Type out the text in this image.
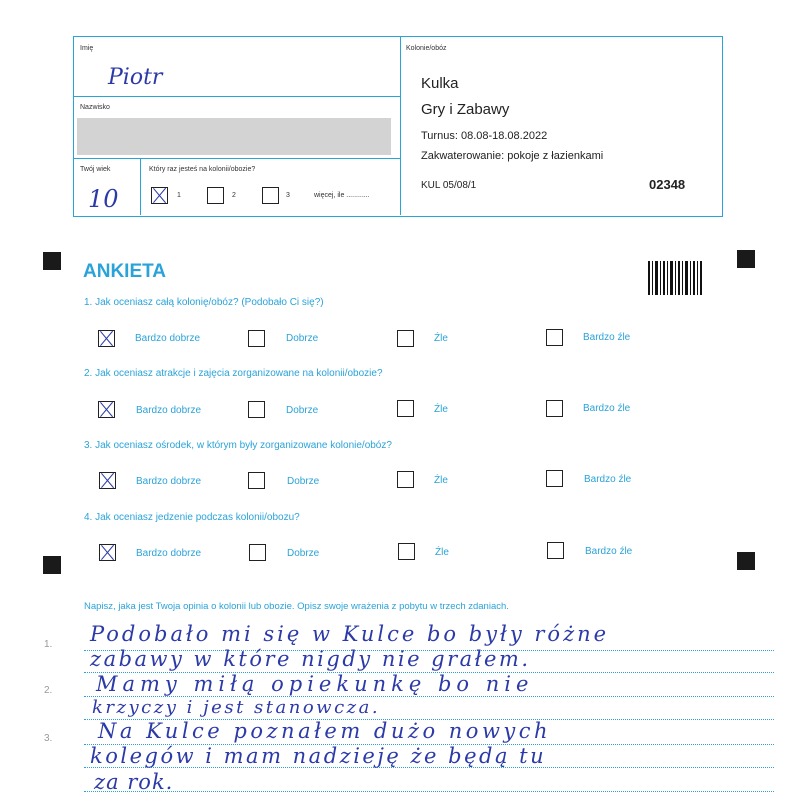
Imię
Piotr
Nazwisko
Twój wiek
10
Który raz jesteś na kolonii/obozie?
1	2	3	więcej, ile ............
Kolonie/obóz
Kulka
Gry i Zabawy
Turnus: 08.08-18.08.2022
Zakwaterowanie: pokoje z łazienkami
KUL 05/08/1	02348
ANKIETA
1. Jak oceniasz całą kolonię/obóz? (Podobało Ci się?)
Bardzo dobrze	Dobrze	Źle	Bardzo źle
2. Jak oceniasz atrakcje i zajęcia zorganizowane na kolonii/obozie?
Bardzo dobrze	Dobrze	Źle	Bardzo źle
3. Jak oceniasz ośrodek, w którym były zorganizowane kolonie/obóz?
Bardzo dobrze	Dobrze	Źle	Bardzo źle
4. Jak oceniasz jedzenie podczas kolonii/obozu?
Bardzo dobrze	Dobrze	Źle	Bardzo źle
Napisz, jaka jest Twoja opinia o kolonii lub obozie. Opisz swoje wrażenia z pobytu w trzech zdaniach.
1.
2.
3.
Podobało mi się w Kulce bo były różne
zabawy w które nigdy nie grałem.
Mamy miłą opiekunkę bo nie
krzyczy i jest stanowcza.
Na Kulce poznałem dużo nowych
kolegów i mam nadzieję że będą tu
za rok.
